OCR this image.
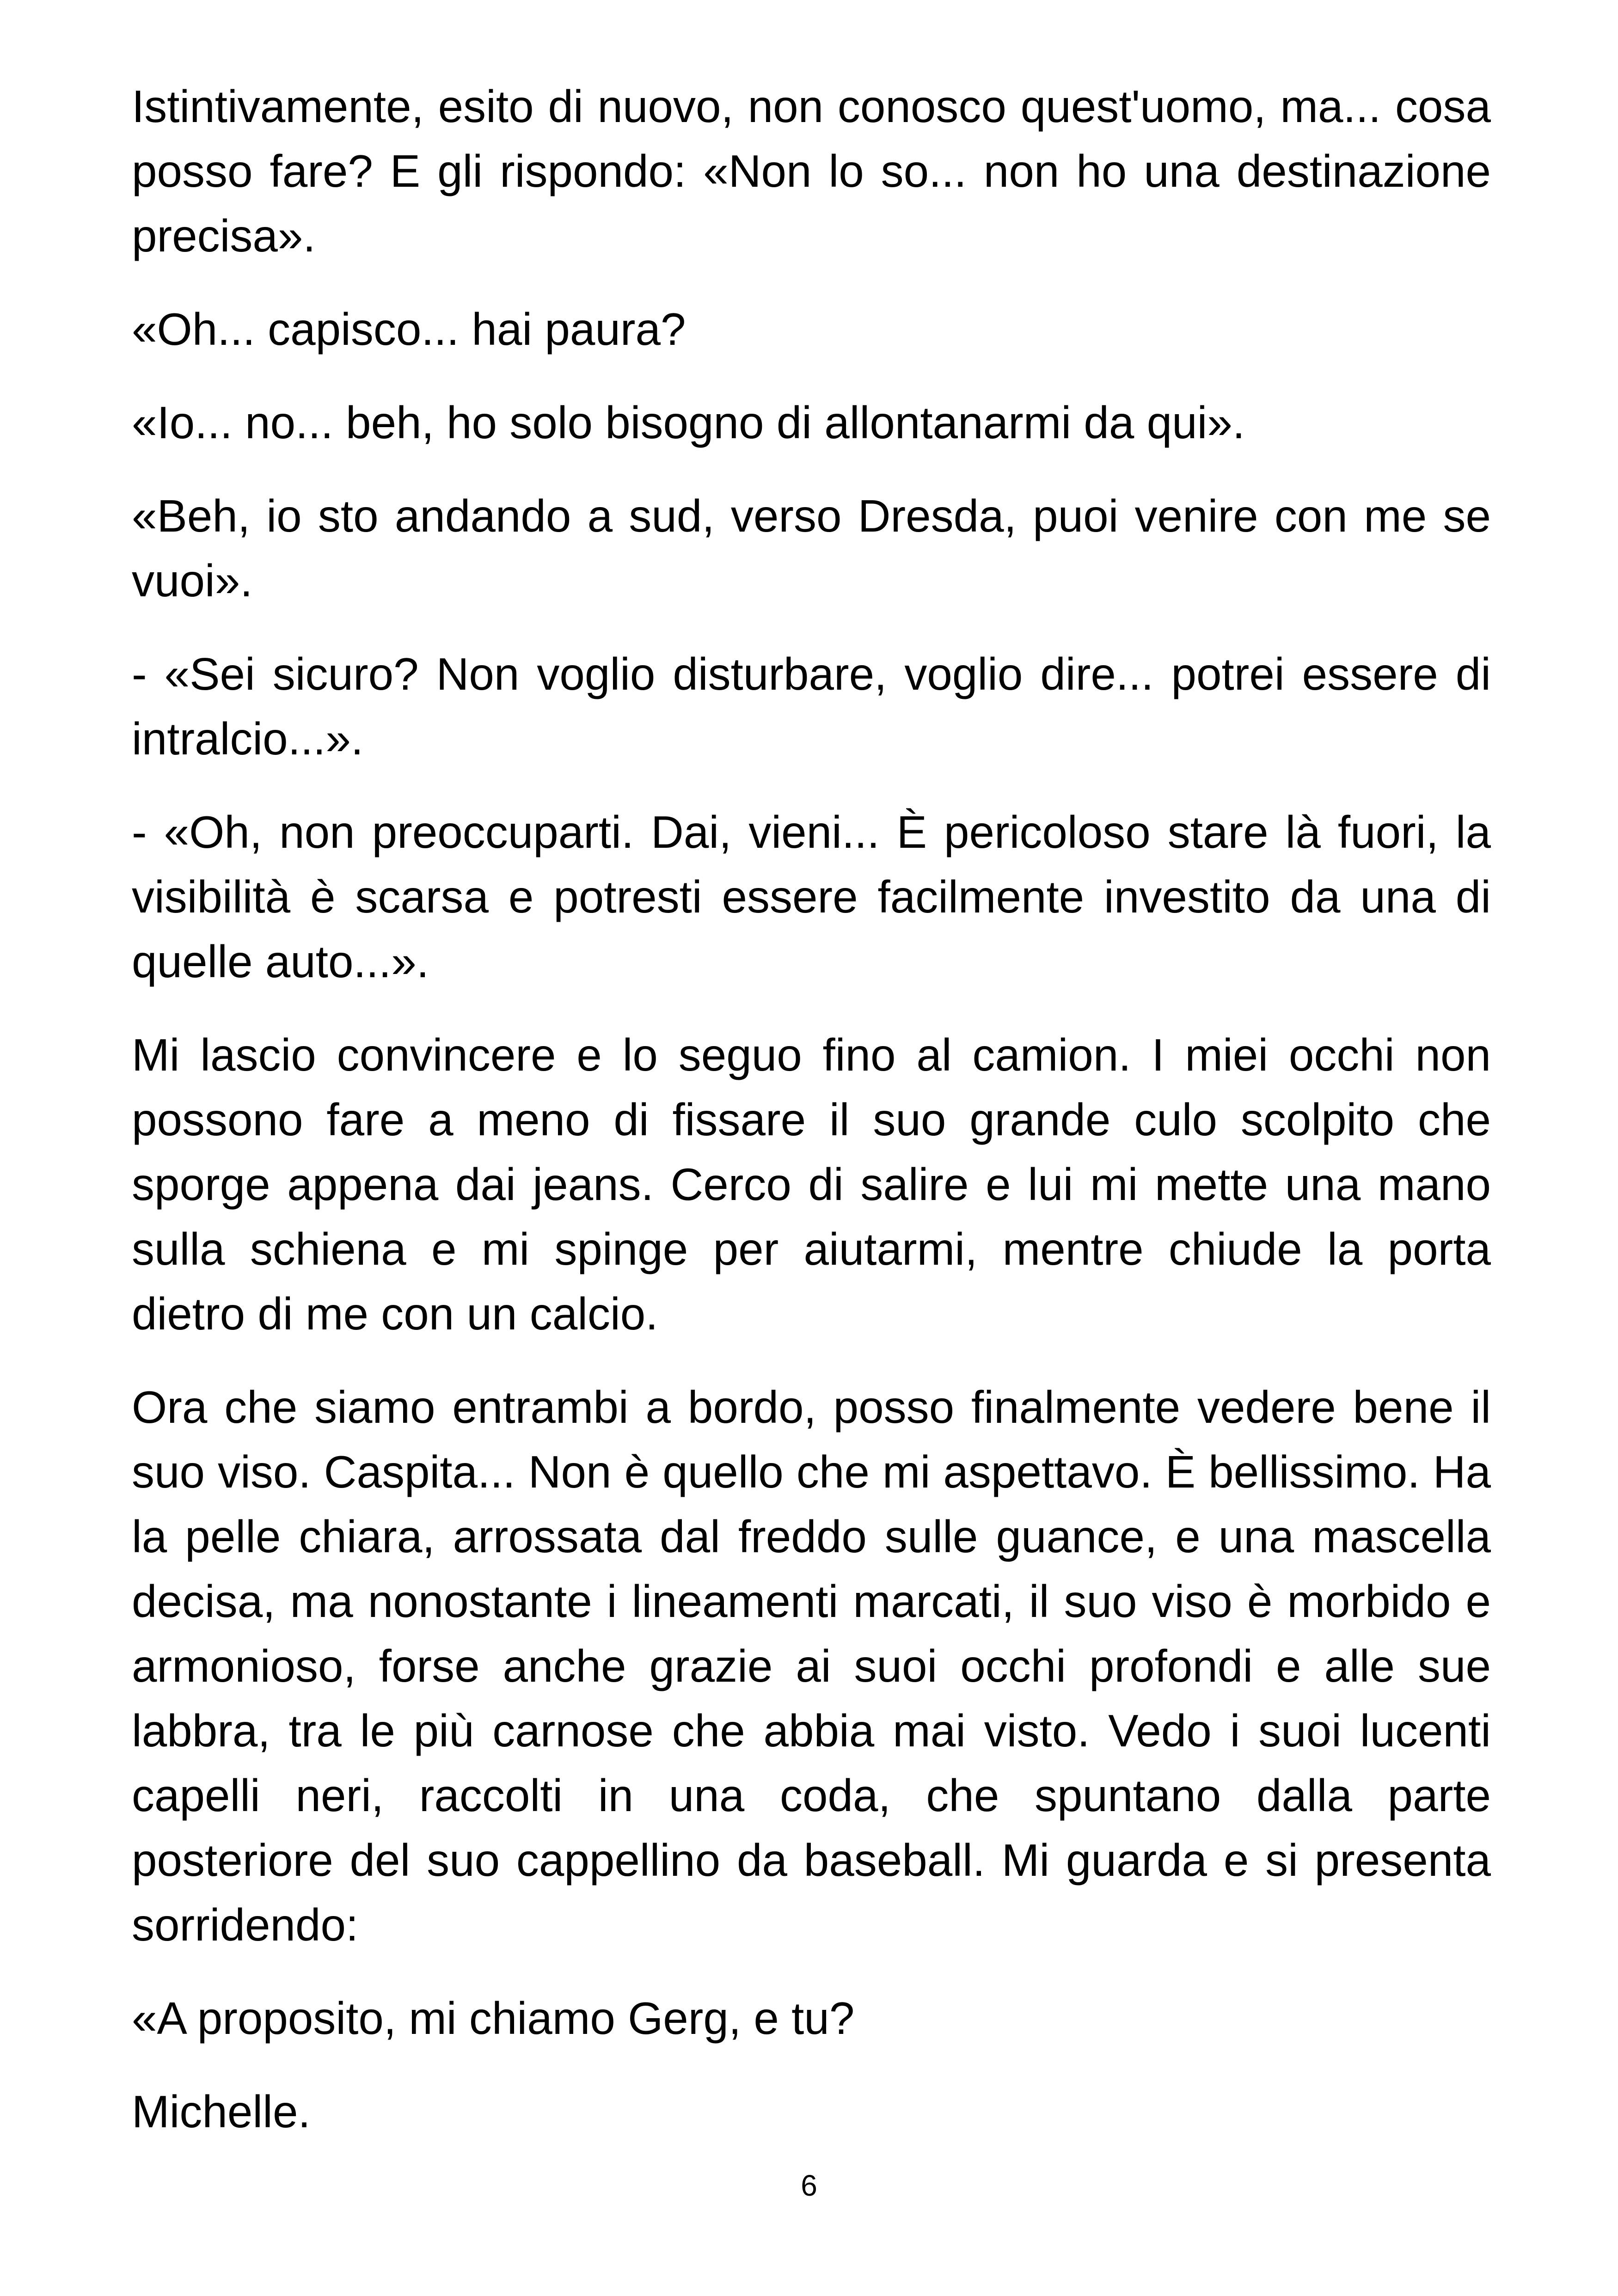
Istintivamente, esito di nuovo, non conosco quest'uomo, ma... cosa posso fare? E gli rispondo: «Non lo so... non ho una destinazione precisa».

«Oh... capisco... hai paura?

«Io... no... beh, ho solo bisogno di allontanarmi da qui».

«Beh, io sto andando a sud, verso Dresda, puoi venire con me se vuoi».

- «Sei sicuro? Non voglio disturbare, voglio dire... potrei essere di intralcio...».

- «Oh, non preoccuparti. Dai, vieni... È pericoloso stare là fuori, la visibilità è scarsa e potresti essere facilmente investito da una di quelle auto...».

Mi lascio convincere e lo seguo fino al camion. I miei occhi non possono fare a meno di fissare il suo grande culo scolpito che sporge appena dai jeans. Cerco di salire e lui mi mette una mano sulla schiena e mi spinge per aiutarmi, mentre chiude la porta dietro di me con un calcio.

Ora che siamo entrambi a bordo, posso finalmente vedere bene il suo viso. Caspita... Non è quello che mi aspettavo. È bellissimo. Ha la pelle chiara, arrossata dal freddo sulle guance, e una mascella decisa, ma nonostante i lineamenti marcati, il suo viso è morbido e armonioso, forse anche grazie ai suoi occhi profondi e alle sue labbra, tra le più carnose che abbia mai visto. Vedo i suoi lucenti capelli neri, raccolti in una coda, che spuntano dalla parte posteriore del suo cappellino da baseball. Mi guarda e si presenta sorridendo:

«A proposito, mi chiamo Gerg, e tu?

Michelle.

6
